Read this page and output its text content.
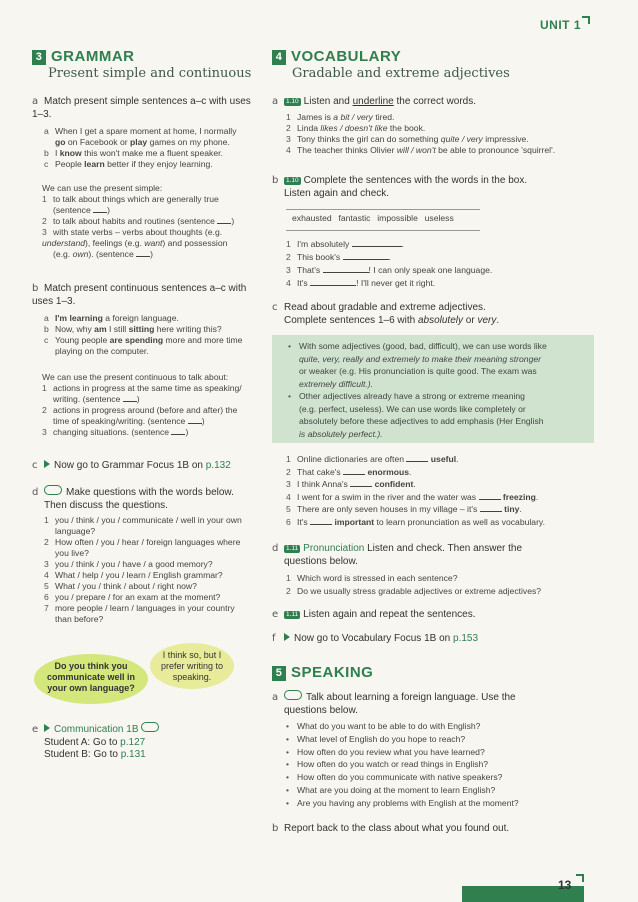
UNIT 1
3 GRAMMAR
Present simple and continuous
a Match present simple sentences a–c with uses 1–3.
a When I get a spare moment at home, I normally
go on Facebook or play games on my phone.
b I know this won't make me a fluent speaker.
c People learn better if they enjoy learning.
We can use the present simple:
1 to talk about things which are generally true
(sentence )
2 to talk about habits and routines (sentence )
3 with state verbs – verbs about thoughts (e.g. understand), feelings (e.g. want) and possession
(e.g. own). (sentence )
b Match present continuous sentences a–c with uses 1–3.
a I'm learning a foreign language.
b Now, why am I still sitting here writing this?
c Young people are spending more and more time
playing on the computer.
We can use the present continuous to talk about:
1 actions in progress at the same time as speaking/
writing. (sentence )
2 actions in progress around (before and after) the
time of speaking/writing. (sentence )
3 changing situations. (sentence )
c Now go to Grammar Focus 1B on p.132
d	Make questions with the words below.
Then discuss the questions.
1 you / think / you / communicate / well in your own
language?
2 How often / you / hear / foreign languages where
you live?
3 you / think / you / have / a good memory?
4 What / help / you / learn / English grammar?
5 What / you / think / about / right now?
6 you / prepare / for an exam at the moment?
7 more people / learn / languages in your country
than before?
I think so, but I
prefer writing to
speaking.
Do you think you
communicate well in
your own language?
e Communication 1B
Student A: Go to p.127
Student B: Go to p.131
4 VOCABULARY
Gradable and extreme adjectives
a 1.10 Listen and underline the correct words.
1 James is a bit / very tired.
2 Linda likes / doesn't like the book.
3 Tony thinks the girl can do something quite / very impressive.
4 The teacher thinks Olivier will / won't be able to pronounce 'squirrel'.
b 1.10 Complete the sentences with the words in the box.
Listen again and check.
exhausted fantastic impossible useless
1 I'm absolutely	.
2 This book's	.
3 That's	! I can only speak one language.
4 It's	! I'll never get it right.
c Read about gradable and extreme adjectives.
Complete sentences 1–6 with absolutely or very.
• With some adjectives (good, bad, difficult), we can use words like
quite, very, really and extremely to make their meaning stronger
or weaker (e.g. His pronunciation is quite good. The exam was
extremely difficult.).
• Other adjectives already have a strong or extreme meaning
(e.g. perfect, useless). We can use words like completely or
absolutely before these adjectives to add emphasis (Her English
is absolutely perfect.).
1 Online dictionaries are often	useful.
2 That cake's	enormous.
3 I think Anna's	confident.
4 I went for a swim in the river and the water was	freezing.
5 There are only seven houses in my village – it's	tiny.
6 It's	important to learn pronunciation as well as vocabulary.
d 1.11 Pronunciation Listen and check. Then answer the
questions below.
1 Which word is stressed in each sentence?
2 Do we usually stress gradable adjectives or extreme adjectives?
e 1.11 Listen again and repeat the sentences.
f Now go to Vocabulary Focus 1B on p.153
5 SPEAKING
a	Talk about learning a foreign language. Use the
questions below.
• What do you want to be able to do with English?
• What level of English do you hope to reach?
• How often do you review what you have learned?
• How often do you watch or read things in English?
• How often do you communicate with native speakers?
• What are you doing at the moment to learn English?
• Are you having any problems with English at the moment?
b Report back to the class about what you found out.
13
